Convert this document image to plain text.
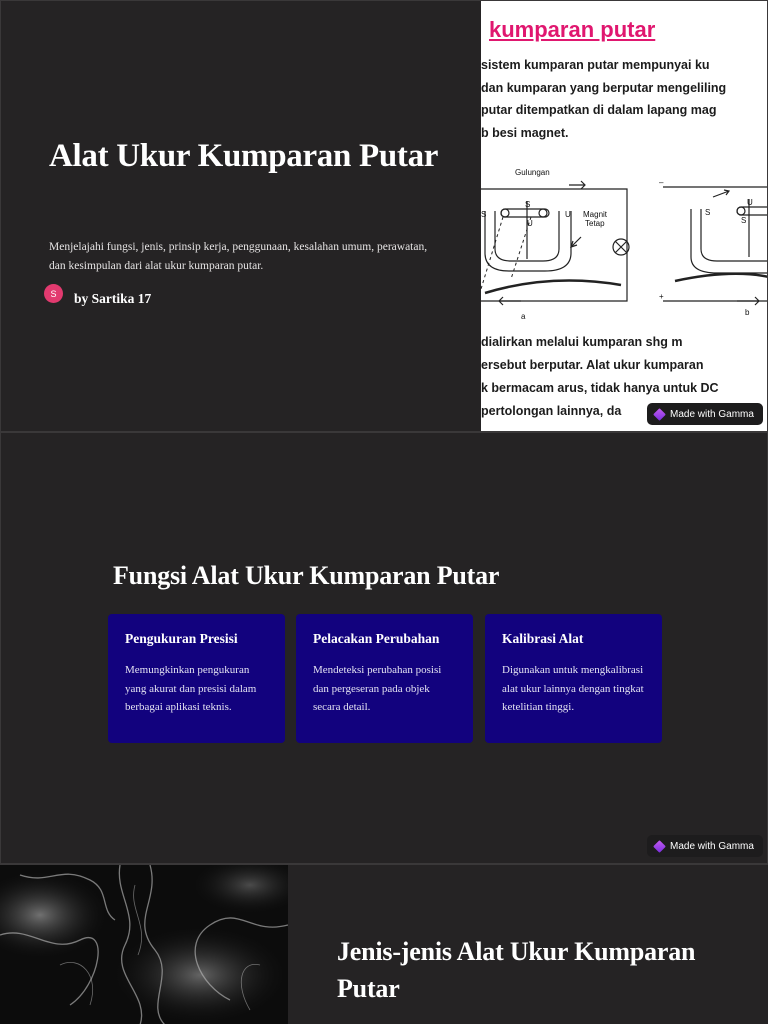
Alat Ukur Kumparan Putar

Menjelajahi fungsi, jenis, prinsip kerja, penggunaan, kesalahan umum, perawatan, dan kesimpulan dari alat ukur kumparan putar.

S	by Sartika 17
kumparan putar
sistem kumparan putar mempunyai ku
dan kumparan yang berputar mengeliling
putar ditempatkan di dalam lapang mag
b besi magnet.
Gulungan
Magnit
Tetap
S
S
U
U
a
S
U
S
b
–
+
dialirkan melalui kumparan shg m
ersebut berputar. Alat ukur kumparan
k bermacam arus, tidak hanya untuk DC
pertolongan lainnya, da	Made with Gamma
Fungsi Alat Ukur Kumparan Putar
Pengukuran Presisi
Memungkinkan pengukuran yang akurat dan presisi dalam berbagai aplikasi teknis.
Pelacakan Perubahan
Mendeteksi perubahan posisi dan pergeseran pada objek secara detail.
Kalibrasi Alat
Digunakan untuk mengkalibrasi alat ukur lainnya dengan tingkat ketelitian tinggi.
Made with Gamma
Jenis-jenis Alat Ukur Kumparan Putar
